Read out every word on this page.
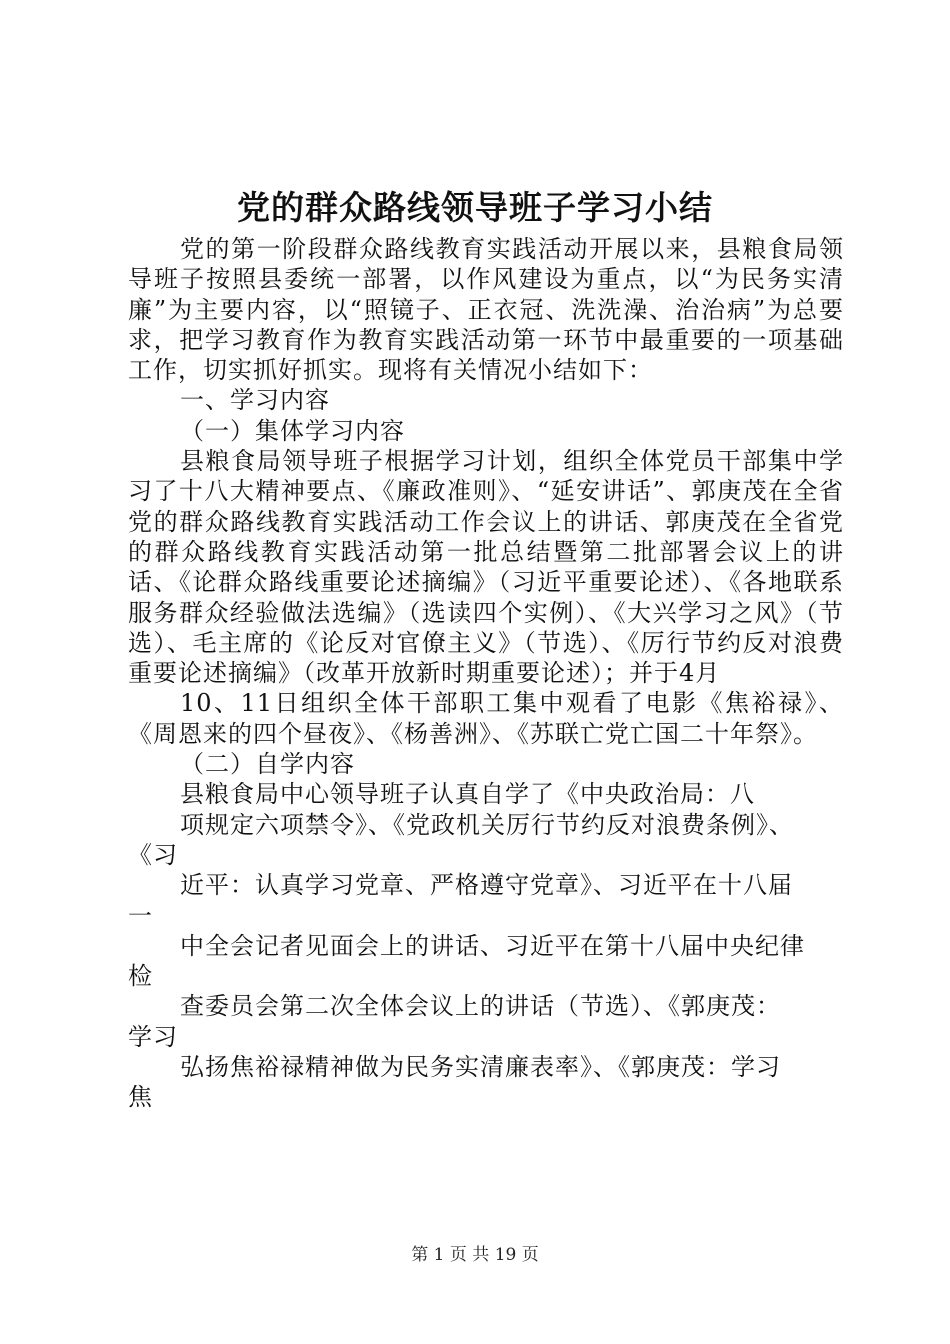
党的群众路线领导班子学习小结

党的第一阶段群众路线教育实践活动开展以来，县粮食局领导班子按照县委统一部署，以作风建设为重点，以“为民务实清廉”为主要内容，以“照镜子、正衣冠、洗洗澡、治治病”为总要求，把学习教育作为教育实践活动第一环节中最重要的一项基础工作，切实抓好抓实。现将有关情况小结如下：

一、学习内容

（一）集体学习内容

县粮食局领导班子根据学习计划，组织全体党员干部集中学习了十八大精神要点、《廉政准则》、“延安讲话”、郭庚茂在全省党的群众路线教育实践活动工作会议上的讲话、郭庚茂在全省党的群众路线教育实践活动第一批总结暨第二批部署会议上的讲话、《论群众路线重要论述摘编》（习近平重要论述）、《各地联系服务群众经验做法选编》（选读四个实例）、《大兴学习之风》（节选）、毛主席的《论反对官僚主义》（节选）、《厉行节约反对浪费重要论述摘编》（改革开放新时期重要论述）；并于4月

10、11日组织全体干部职工集中观看了电影《焦裕禄》、《周恩来的四个昼夜》、《杨善洲》、《苏联亡党亡国二十年祭》。

（二）自学内容

县粮食局中心领导班子认真自学了《中央政治局：八

项规定六项禁令》、《党政机关厉行节约反对浪费条例》、
《习

近平：认真学习党章、严格遵守党章》、习近平在十八届
一

中全会记者见面会上的讲话、习近平在第十八届中央纪律
检

查委员会第二次全体会议上的讲话（节选）、《郭庚茂：
学习

弘扬焦裕禄精神做为民务实清廉表率》、《郭庚茂：学习
焦

第 1 页 共 19 页
